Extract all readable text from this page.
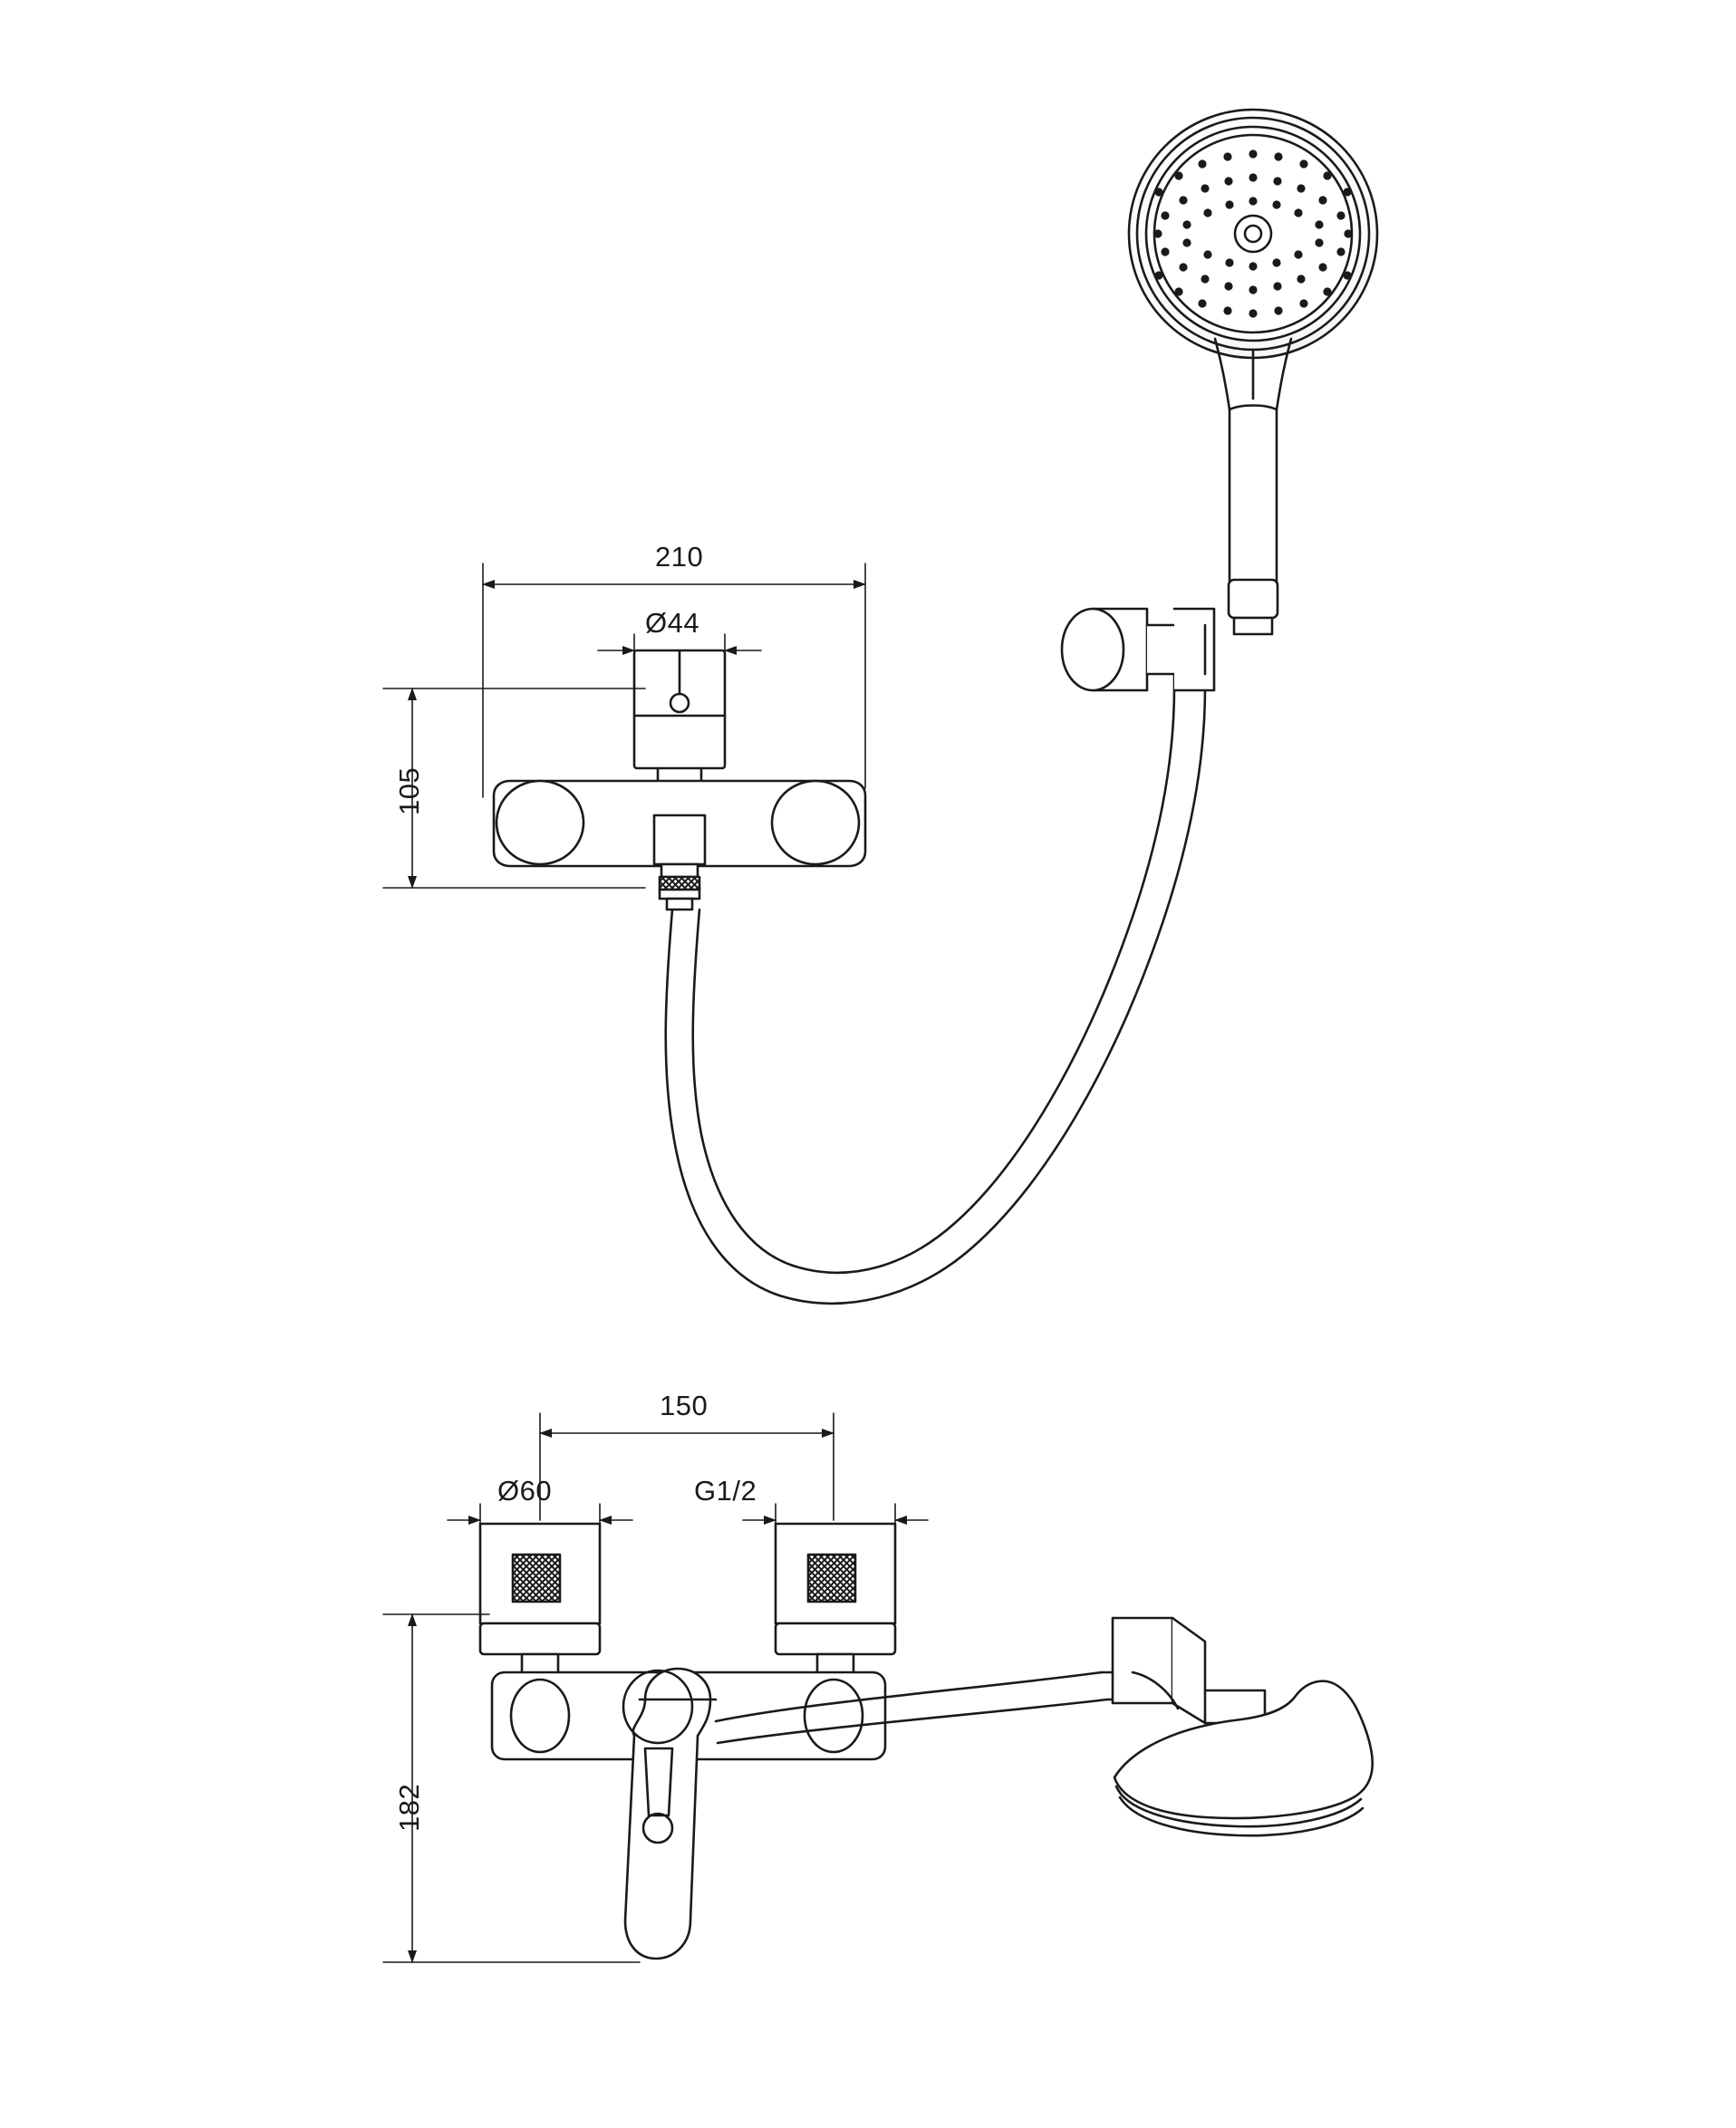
210
Ø44
105
150
Ø60	G1/2
182
